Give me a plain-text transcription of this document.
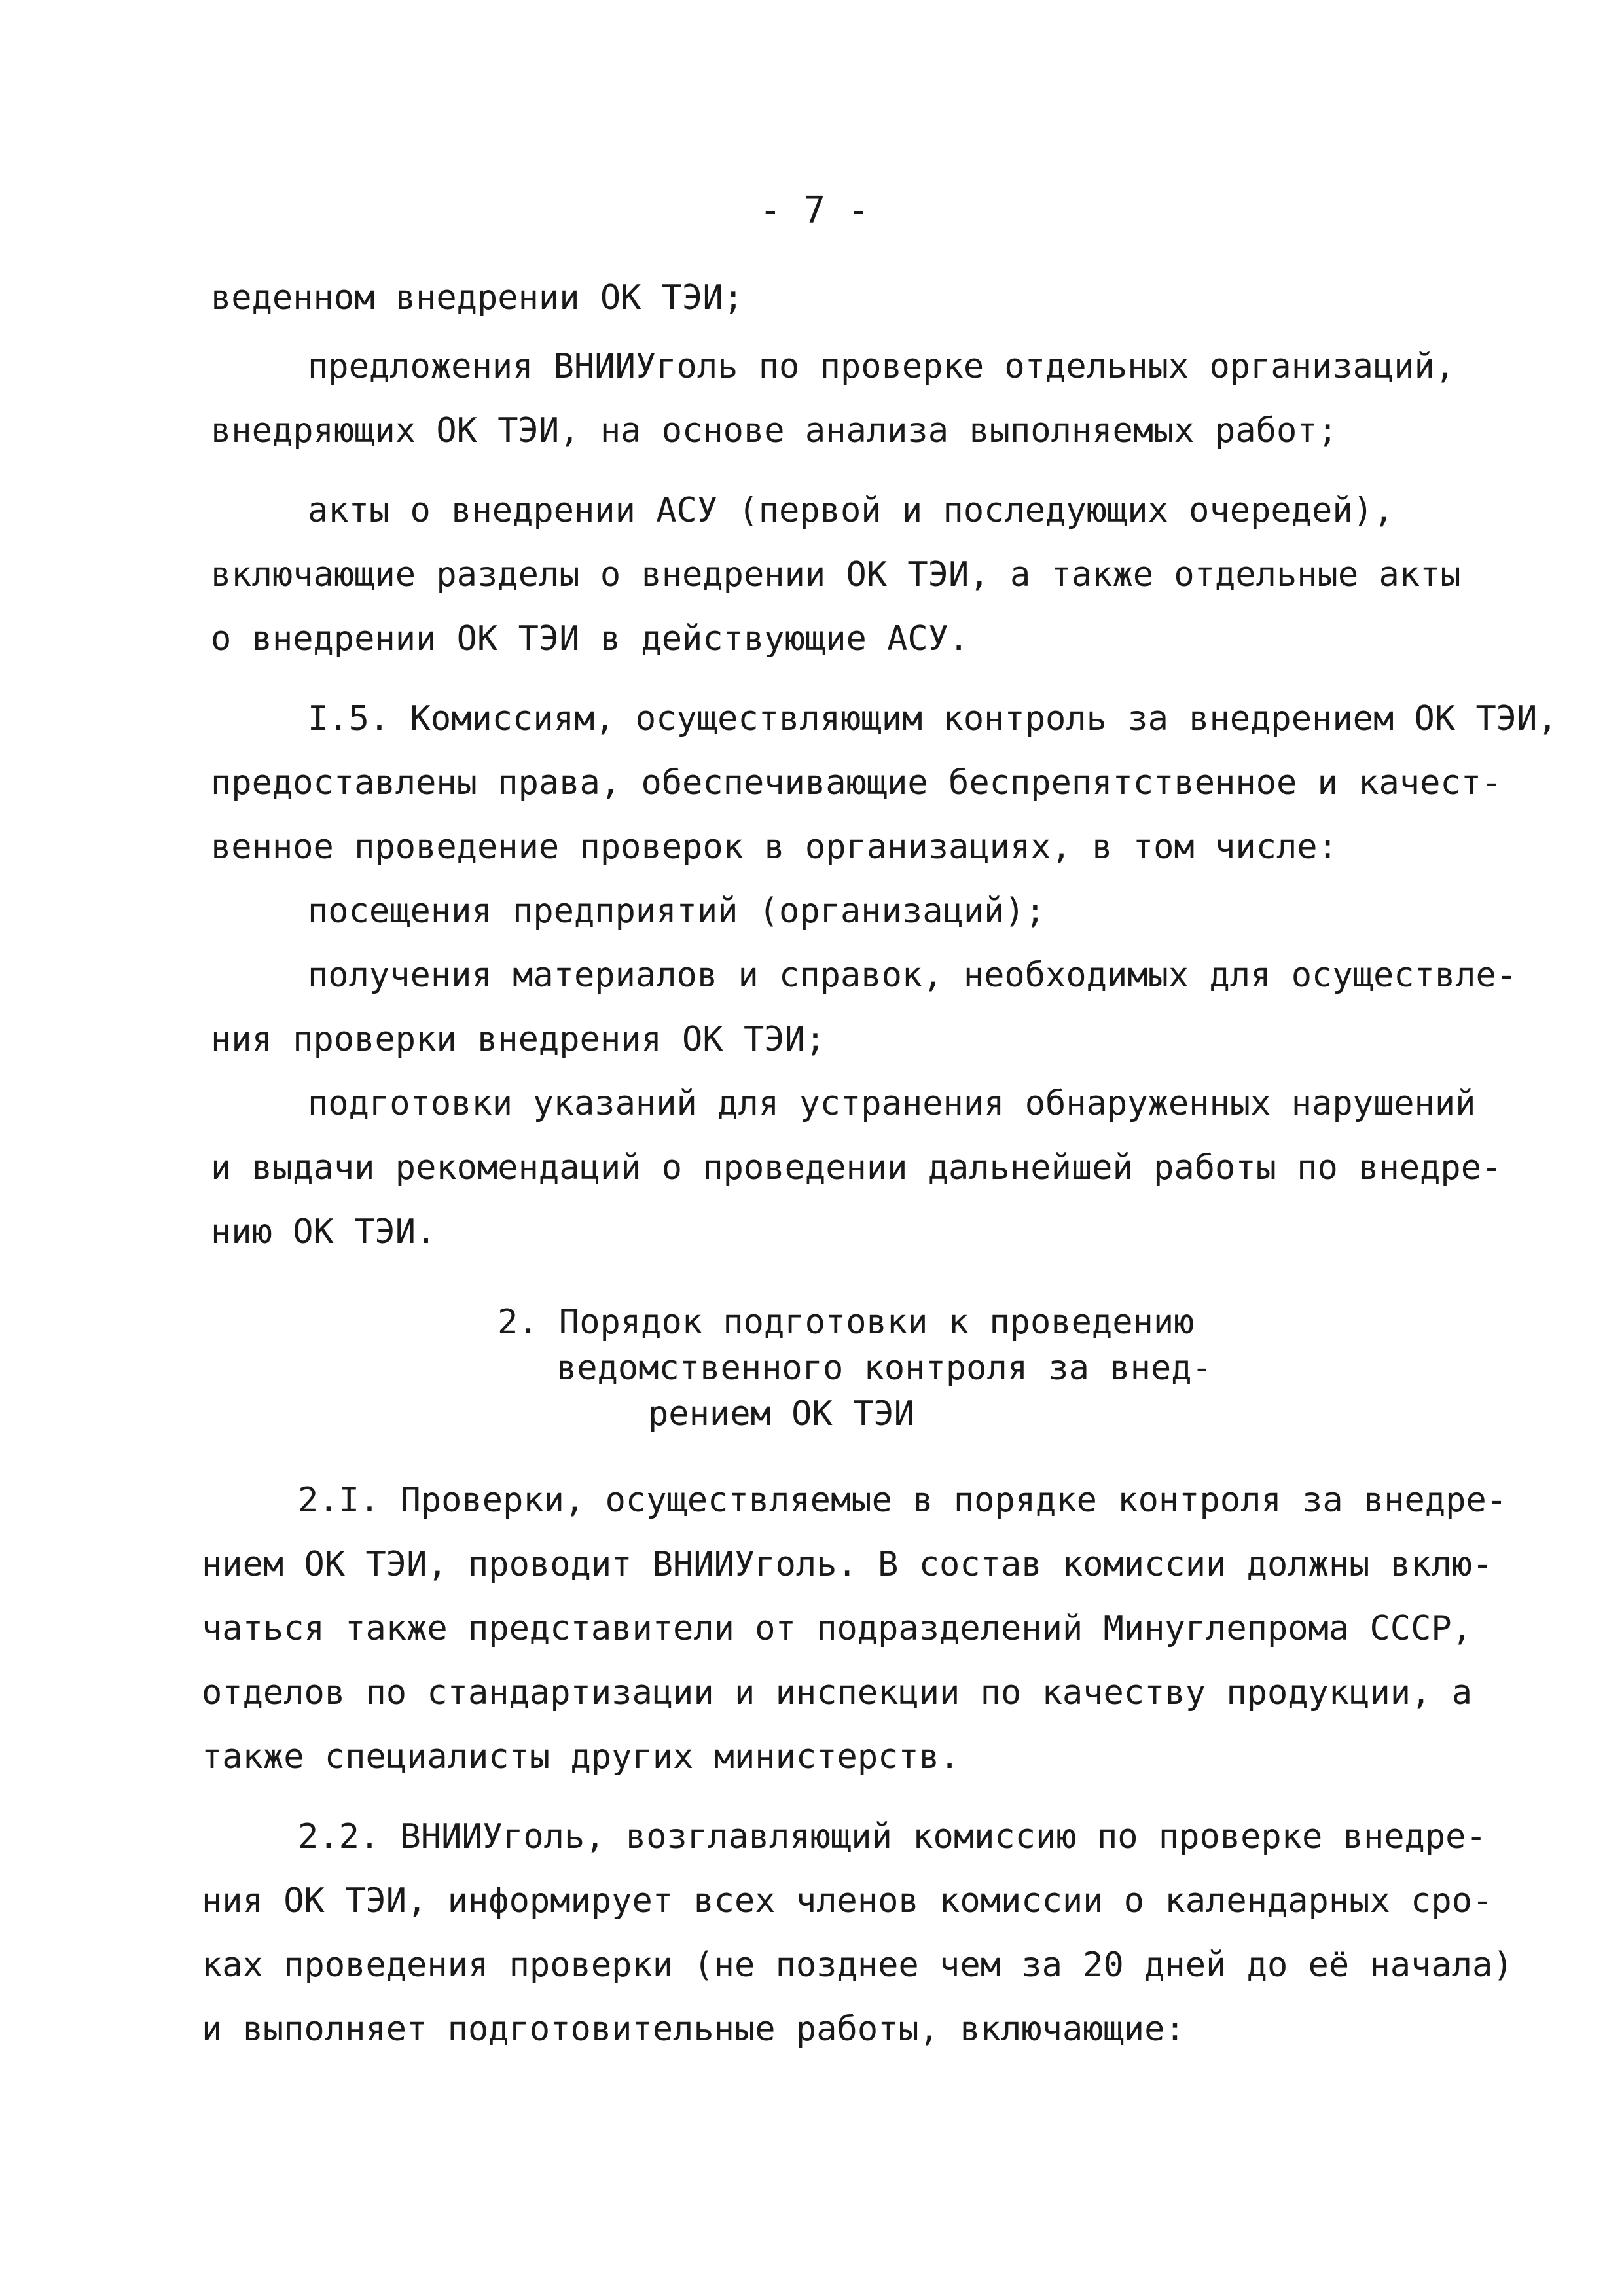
- 7 -
веденном внедрении ОК ТЭИ;
предложения ВНИИУголь по проверке отдельных организаций,
внедряющих ОК ТЭИ, на основе анализа выполняемых работ;
акты о внедрении АСУ (первой и последующих очередей),
включающие разделы о внедрении ОК ТЭИ, а также отдельные акты
о внедрении ОК ТЭИ в действующие АСУ.
I.5. Комиссиям, осуществляющим контроль за внедрением ОК ТЭИ,
предоставлены права, обеспечивающие беспрепятственное и качест-
венное проведение проверок в организациях, в том числе:
посещения предприятий (организаций);
получения материалов и справок, необходимых для осуществле-
ния проверки внедрения ОК ТЭИ;
подготовки указаний для устранения обнаруженных нарушений
и выдачи рекомендаций о проведении дальнейшей работы по внедре-
нию ОК ТЭИ.
2. Порядок подготовки к проведению
ведомственного контроля за внед-
рением ОК ТЭИ
2.I. Проверки, осуществляемые в порядке контроля за внедре-
нием ОК ТЭИ, проводит ВНИИУголь. В состав комиссии должны вклю-
чаться также представители от подразделений Минуглепрома СССР,
отделов по стандартизации и инспекции по качеству продукции, а
также специалисты других министерств.
2.2. ВНИИУголь, возглавляющий комиссию по проверке внедре-
ния ОК ТЭИ, информирует всех членов комиссии о календарных сро-
ках проведения проверки (не позднее чем за 20 дней до её начала)
и выполняет подготовительные работы, включающие:
